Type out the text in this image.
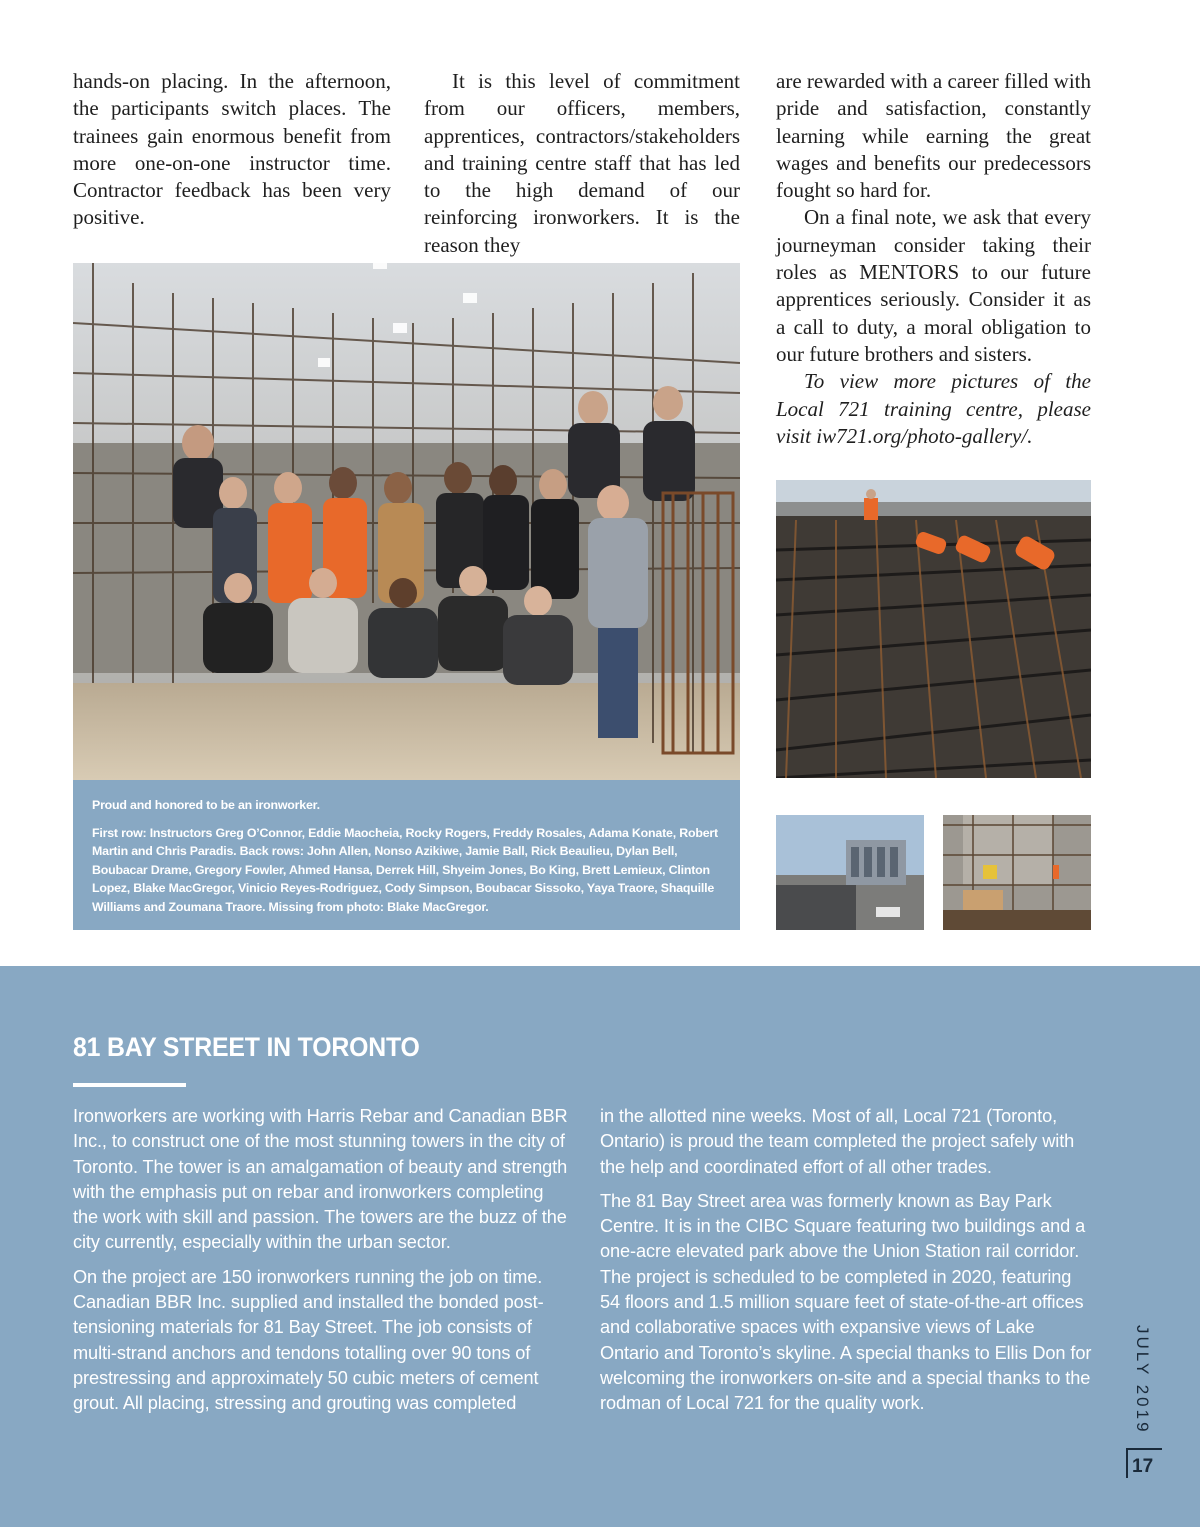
hands-on placing. In the afternoon, the participants switch places. The trainees gain enormous benefit from more one-on-one instructor time. Contractor feedback has been very positive.

It is this level of commitment from our officers, members, apprentices, contractors/stakeholders and training centre staff that has led to the high demand of our reinforcing ironworkers. It is the reason they

are rewarded with a career filled with pride and satisfaction, constantly learning while earning the great wages and benefits our predecessors fought so hard for.

On a final note, we ask that every journeyman consider taking their roles as MENTORS to our future apprentices seriously. Consider it as a call to duty, a moral obligation to our future brothers and sisters.

To view more pictures of the Local 721 training centre, please visit iw721.org/photo-gallery/.

Proud and honored to be an ironworker.

First row: Instructors Greg O’Connor, Eddie Maocheia, Rocky Rogers, Freddy Rosales, Adama Konate, Robert Martin and Chris Paradis. Back rows: John Allen, Nonso Azikiwe, Jamie Ball, Rick Beaulieu, Dylan Bell, Boubacar Drame, Gregory Fowler, Ahmed Hansa, Derrek Hill, Shyeim Jones, Bo King, Brett Lemieux, Clinton Lopez, Blake MacGregor, Vinicio Reyes-Rodriguez, Cody Simpson, Boubacar Sissoko, Yaya Traore, Shaquille Williams and Zoumana Traore. Missing from photo: Blake MacGregor.

81 BAY STREET IN TORONTO

Ironworkers are working with Harris Rebar and Canadian BBR Inc., to construct one of the most stunning towers in the city of Toronto. The tower is an amalgamation of beauty and strength with the emphasis put on rebar and ironworkers completing the work with skill and passion. The towers are the buzz of the city currently, especially within the urban sector.

On the project are 150 ironworkers running the job on time. Canadian BBR Inc. supplied and installed the bonded post-tensioning materials for 81 Bay Street. The job consists of multi-strand anchors and tendons totalling over 90 tons of prestressing and approximately 50 cubic meters of cement grout. All placing, stressing and grouting was completed

in the allotted nine weeks. Most of all, Local 721 (Toronto, Ontario) is proud the team completed the project safely with the help and coordinated effort of all other trades.

The 81 Bay Street area was formerly known as Bay Park Centre. It is in the CIBC Square featuring two buildings and a one-acre elevated park above the Union Station rail corridor. The project is scheduled to be completed in 2020, featuring 54 floors and 1.5 million square feet of state-of-the-art offices and collaborative spaces with expansive views of Lake Ontario and Toronto’s skyline. A special thanks to Ellis Don for welcoming the ironworkers on-site and a special thanks to the rodman of Local 721 for the quality work.	JULY 2019
17
